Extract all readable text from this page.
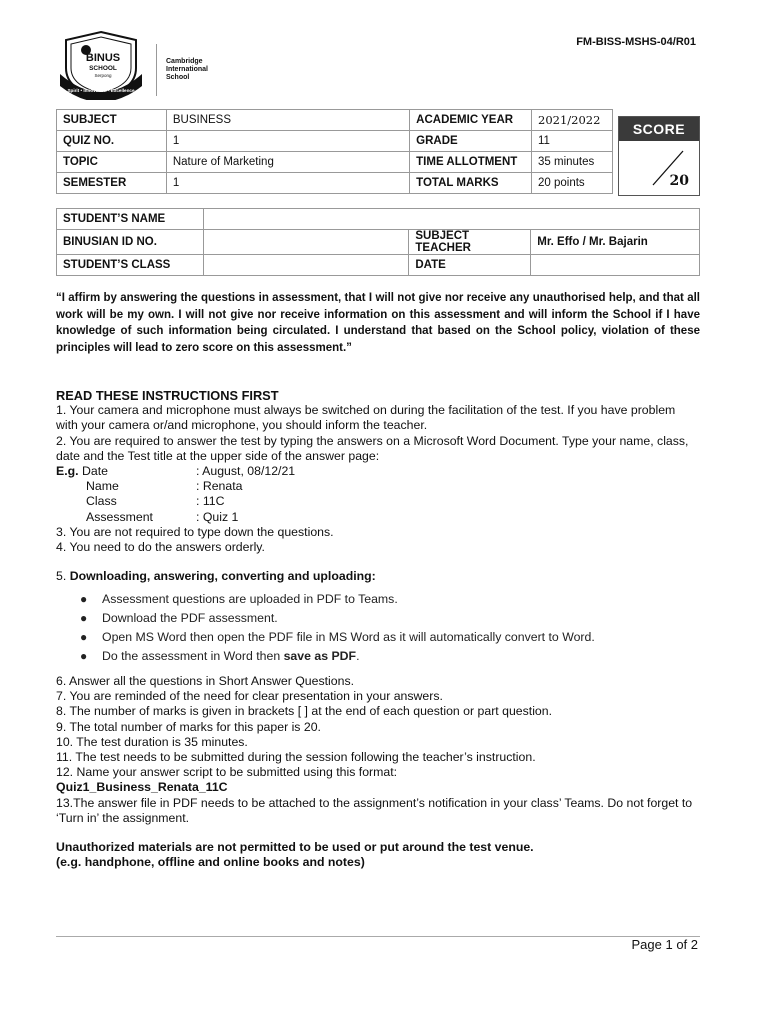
FM-BISS-MSHS-04/R01
BINUS
SCHOOL
Serpong
Spirit • Innovation • Excellence
Cambridge
International
School
SUBJECT	BUSINESS	ACADEMIC YEAR	2021/2022
QUIZ NO.	1	GRADE	11
TOPIC	Nature of Marketing	TIME ALLOTMENT	35 minutes
SEMESTER	1	TOTAL MARKS	20 points
SCORE
20
STUDENT’S NAME			
BINUSIAN ID NO.		SUBJECT TEACHER	Mr. Effo / Mr. Bajarin
STUDENT’S CLASS		DATE	
“I affirm by answering the questions in assessment, that I will not give nor receive any unauthorised help, and that all work will be my own. I will not give nor receive information on this assessment and will inform the School if I have knowledge of such information being circulated. I understand that based on the School policy, violation of these principles will lead to zero score on this assessment.”

READ THESE INSTRUCTIONS FIRST

1. Your camera and microphone must always be switched on during the facilitation of the test. If you have problem with your camera or/and microphone, you should inform the teacher.

2. You are required to answer the test by typing the answers on a Microsoft Word Document. Type your name, class, date and the Test title at the upper side of the answer page:

E.g. Date	: August, 08/12/21
Name	: Renata
Class	: 11C
Assessment	: Quiz 1

3. You are not required to type down the questions.

4. You need to do the answers orderly.

5. Downloading, answering, converting and uploading:

● Assessment questions are uploaded in PDF to Teams.
● Download the PDF assessment.
● Open MS Word then open the PDF file in MS Word as it will automatically convert to Word.
● Do the assessment in Word then save as PDF.

6. Answer all the questions in Short Answer Questions.

7. You are reminded of the need for clear presentation in your answers.

8. The number of marks is given in brackets [ ] at the end of each question or part question.

9. The total number of marks for this paper is 20.

10. The test duration is 35 minutes.

11. The test needs to be submitted during the session following the teacher’s instruction.

12. Name your answer script to be submitted using this format:

Quiz1_Business_Renata_11C

13.The answer file in PDF needs to be attached to the assignment’s notification in your class’ Teams. Do not forget to ‘Turn in’ the assignment.

Unauthorized materials are not permitted to be used or put around the test venue.

(e.g. handphone, offline and online books and notes)

Page 1 of 2
